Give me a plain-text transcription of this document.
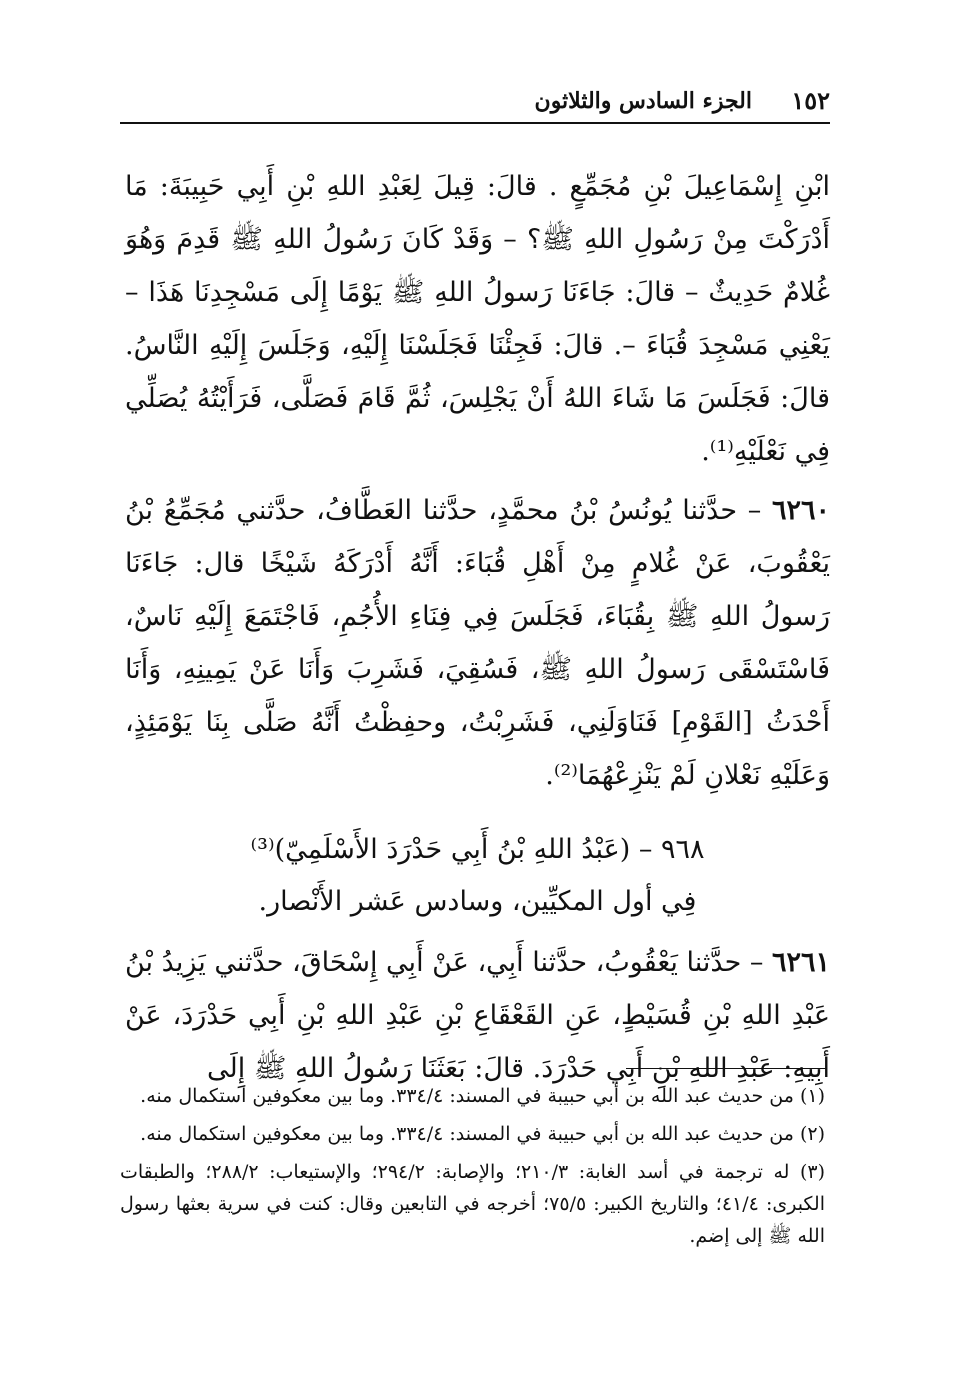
١٥٢
الجزء السادس والثلاثون

ابْنِ إِسْمَاعِيلَ بْنِ مُجَمِّعٍ . قالَ: قِيلَ لِعَبْدِ اللهِ بْنِ أَبِي حَبِيبَةَ: مَا أَدْرَكْتَ مِنْ رَسُولِ اللهِ ﷺ؟ – وَقَدْ كَانَ رَسُولُ اللهِ ﷺ قَدِمَ وَهُوَ غُلامٌ حَدِيثٌ – قالَ: جَاءَنَا رَسولُ اللهِ ﷺ يَوْمًا إِلَى مَسْجِدِنَا هَذَا – يَعْنِي مَسْجِدَ قُبَاءَ –. قالَ: فَجِئْنَا فَجَلَسْنَا إِلَيْهِ، وَجَلَسَ إِلَيْهِ النَّاسُ. قالَ: فَجَلَسَ مَا شَاءَ اللهُ أَنْ يَجْلِسَ، ثُمَّ قَامَ فَصَلَّى، فَرَأَيْتُهُ يُصَلِّي فِي نَعْلَيْهِ⁽¹⁾.

٦٢٦٠ – حدَّثنا يُونُسُ بْنُ محمَّدٍ، حدَّثنا العَطَّافُ، حدَّثني مُجَمِّعُ بْنُ يَعْقُوبَ، عَنْ غُلامٍ مِنْ أَهْلِ قُبَاءَ: أَنَّهُ أَدْرَكَهُ شَيْخًا قال: جَاءَنَا رَسولُ اللهِ ﷺ بِقُبَاءَ، فَجَلَسَ فِي فِنَاءِ الأُجُمِ، فَاجْتَمَعَ إِلَيْهِ نَاسٌ، فَاسْتَسْقَى رَسولُ اللهِ ﷺ، فَسُقِيَ، فَشَرِبَ وَأَنَا عَنْ يَمِينِهِ، وَأَنَا أَحْدَثُ [القَوْمِ] فَنَاوَلَنِي، فَشَرِبْتُ، وحفِظْتُ أَنَّهُ صَلَّى بِنَا يَوْمَئِذٍ، وَعَلَيْهِ نَعْلانِ لَمْ يَنْزِعْهُمَا⁽²⁾.

٩٦٨ – (عَبْدُ اللهِ بْنُ أَبِي حَدْرَدَ الأَسْلَمِيّ)⁽³⁾
فِي أول المكيِّين، وسادس عَشر الأَنْصار.

٦٢٦١ – حدَّثنا يَعْقُوبُ، حدَّثنا أَبِي، عَنْ أَبِي إِسْحَاقَ، حدَّثني يَزِيدُ بْنُ عَبْدِ اللهِ بْنِ قُسَيْطٍ، عَنِ القَعْقَاعِ بْنِ عَبْدِ اللهِ بْنِ أَبِي حَدْرَدَ، عَنْ أَبِيهِ: عَبْدِ اللهِ بْنِ أَبِي حَدْرَدَ. قالَ: بَعَثَنَا رَسُولُ اللهِ ﷺ إِلَى

(١) من حديث عبد الله بن أبي حبيبة في المسند: ٣٣٤/٤. وما بين معكوفين استكمال منه.

(٢) من حديث عبد الله بن أبي حبيبة في المسند: ٣٣٤/٤. وما بين معكوفين استكمال منه.

(٣) له ترجمة في أسد الغابة: ٢١٠/٣؛ والإصابة: ٢٩٤/٢؛ والإستيعاب: ٢٨٨/٢؛ والطبقات الكبرى: ٤١/٤؛ والتاريخ الكبير: ٧٥/٥؛ أخرجه في التابعين وقال: كنت في سرية بعثها رسول الله ﷺ إلى إضم.
